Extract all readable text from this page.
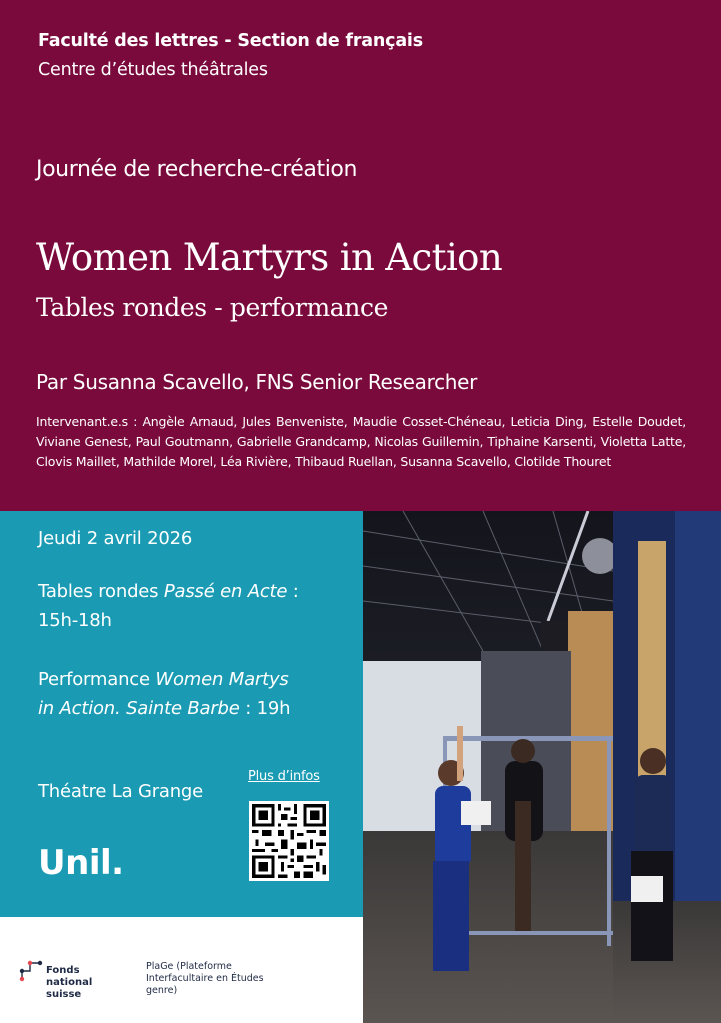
Faculté des lettres - Section de français
Centre d’études théâtrales
Journée de recherche-création
Women Martyrs in Action
Tables rondes - performance
Par Susanna Scavello, FNS Senior Researcher
Intervenant.e.s : Angèle Arnaud, Jules Benveniste, Maudie Cosset-Chéneau, Leticia Ding, Estelle Doudet, Viviane Genest, Paul Goutmann, Gabrielle Grandcamp, Nicolas Guillemin, Tiphaine Karsenti, Violetta Latte, Clovis Maillet, Mathilde Morel, Léa Rivière, Thibaud Ruellan, Susanna Scavello, Clotilde Thouret
Jeudi 2 avril 2026
Tables rondes Passé en Acte : 15h-18h
Performance Women Martys in Action. Sainte Barbe : 19h
Théatre La Grange
Plus d’infos
Unil.
Fonds national suisse
PlaGe (Plateforme Interfacultaire en Études genre)
